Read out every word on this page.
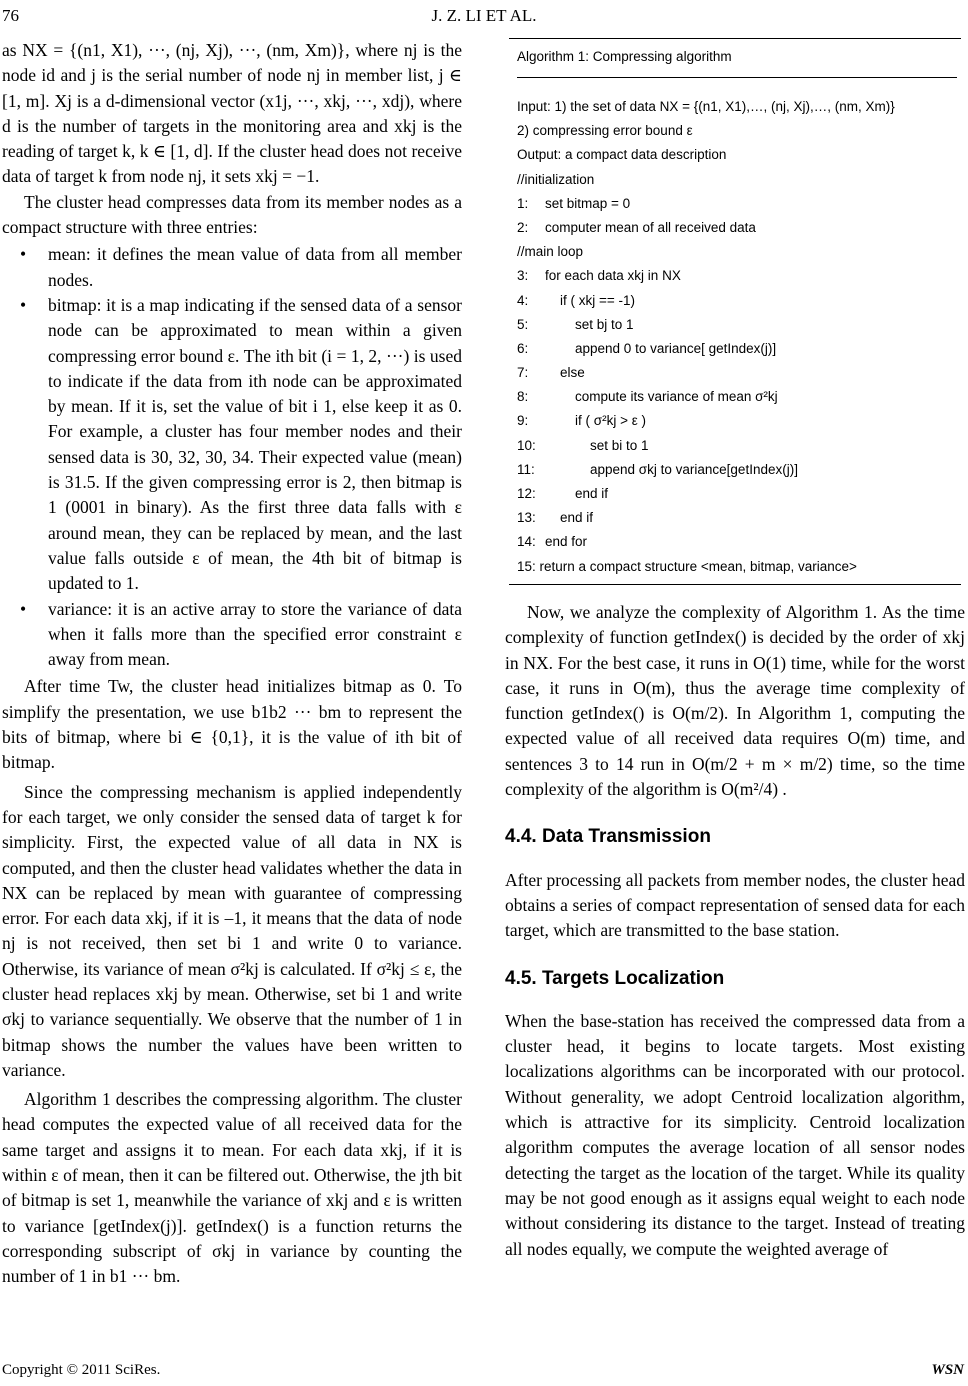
76	J. Z. LI ET AL.

as NX = {(n1, X1), ···, (nj, Xj), ···, (nm, Xm)}, where nj is the node id and j is the serial number of node nj in member list, j ∈ [1, m]. Xj is a d-dimensional vector (x1j, ···, xkj, ···, xdj), where d is the number of targets in the monitoring area and xkj is the reading of target k, k ∈ [1, d]. If the cluster head does not receive data of target k from node nj, it sets xkj = −1.

The cluster head compresses data from its member nodes as a compact structure with three entries:

• mean: it defines the mean value of data from all member nodes.
• bitmap: it is a map indicating if the sensed data of a sensor node can be approximated to mean within a given compressing error bound ε. The ith bit (i = 1, 2, ···) is used to indicate if the data from ith node can be approximated by mean. If it is, set the value of bit i 1, else keep it as 0. For example, a cluster has four member nodes and their sensed data is 30, 32, 30, 34. Their expected value (mean) is 31.5. If the given compressing error is 2, then bitmap is 1 (0001 in binary). As the first three data falls with ε around mean, they can be replaced by mean, and the last value falls outside ε of mean, the 4th bit of bitmap is updated to 1.
• variance: it is an active array to store the variance of data when it falls more than the specified error constraint ε away from mean.

After time Tw, the cluster head initializes bitmap as 0. To simplify the presentation, we use b1b2 ··· bm to represent the bits of bitmap, where bi ∈ {0,1}, it is the value of ith bit of bitmap.

Since the compressing mechanism is applied independently for each target, we only consider the sensed data of target k for simplicity. First, the expected value of all data in NX is computed, and then the cluster head validates whether the data in NX can be replaced by mean with guarantee of compressing error. For each data xkj, if it is –1, it means that the data of node nj is not received, then set bi 1 and write 0 to variance. Otherwise, its variance of mean σ²kj is calculated. If σ²kj ≤ ε, the cluster head replaces xkj by mean. Otherwise, set bi 1 and write σkj to variance sequentially. We observe that the number of 1 in bitmap shows the number the values have been written to variance.

Algorithm 1 describes the compressing algorithm. The cluster head computes the expected value of all received data for the same target and assigns it to mean. For each data xkj, if it is within ε of mean, then it can be filtered out. Otherwise, the jth bit of bitmap is set 1, meanwhile the variance of xkj and ε is written to variance [getIndex(j)]. getIndex() is a function returns the corresponding subscript of σkj in variance by counting the number of 1 in b1 ··· bm.

Algorithm 1: Compressing algorithm
Input: 1) the set of data NX = {(n1, X1),…, (nj, Xj),…, (nm, Xm)}
2) compressing error bound ε
Output: a compact data description
//initialization
1: set bitmap = 0
2: computer mean of all received data
//main loop
3: for each data xkj in NX
4:    if ( xkj == -1)
5:        set bj to 1
6:        append 0 to variance[ getIndex(j)]
7:    else
8:        compute its variance of mean σ²kj
9:        if ( σ²kj > ε )
10:            set bi to 1
11:            append σkj to variance[getIndex(j)]
12:        end if
13:    end if
14: end for
15: return a compact structure <mean, bitmap, variance>

Now, we analyze the complexity of Algorithm 1. As the time complexity of function getIndex() is decided by the order of xkj in NX. For the best case, it runs in O(1) time, while for the worst case, it runs in O(m), thus the average time complexity of function getIndex() is O(m/2). In Algorithm 1, computing the expected value of all received data requires O(m) time, and sentences 3 to 14 run in O(m/2 + m × m/2) time, so the time complexity of the algorithm is O(m²/4) .

4.4. Data Transmission

After processing all packets from member nodes, the cluster head obtains a series of compact representation of sensed data for each target, which are transmitted to the base station.

4.5. Targets Localization

When the base-station has received the compressed data from a cluster head, it begins to locate targets. Most existing localizations algorithms can be incorporated with our protocol. Without generality, we adopt Centroid localization algorithm, which is attractive for its simplicity. Centroid localization algorithm computes the average location of all sensor nodes detecting the target as the location of the target. While its quality may be not good enough as it assigns equal weight to each node without considering its distance to the target. Instead of treating all nodes equally, we compute the weighted average of

Copyright © 2011 SciRes.	WSN
